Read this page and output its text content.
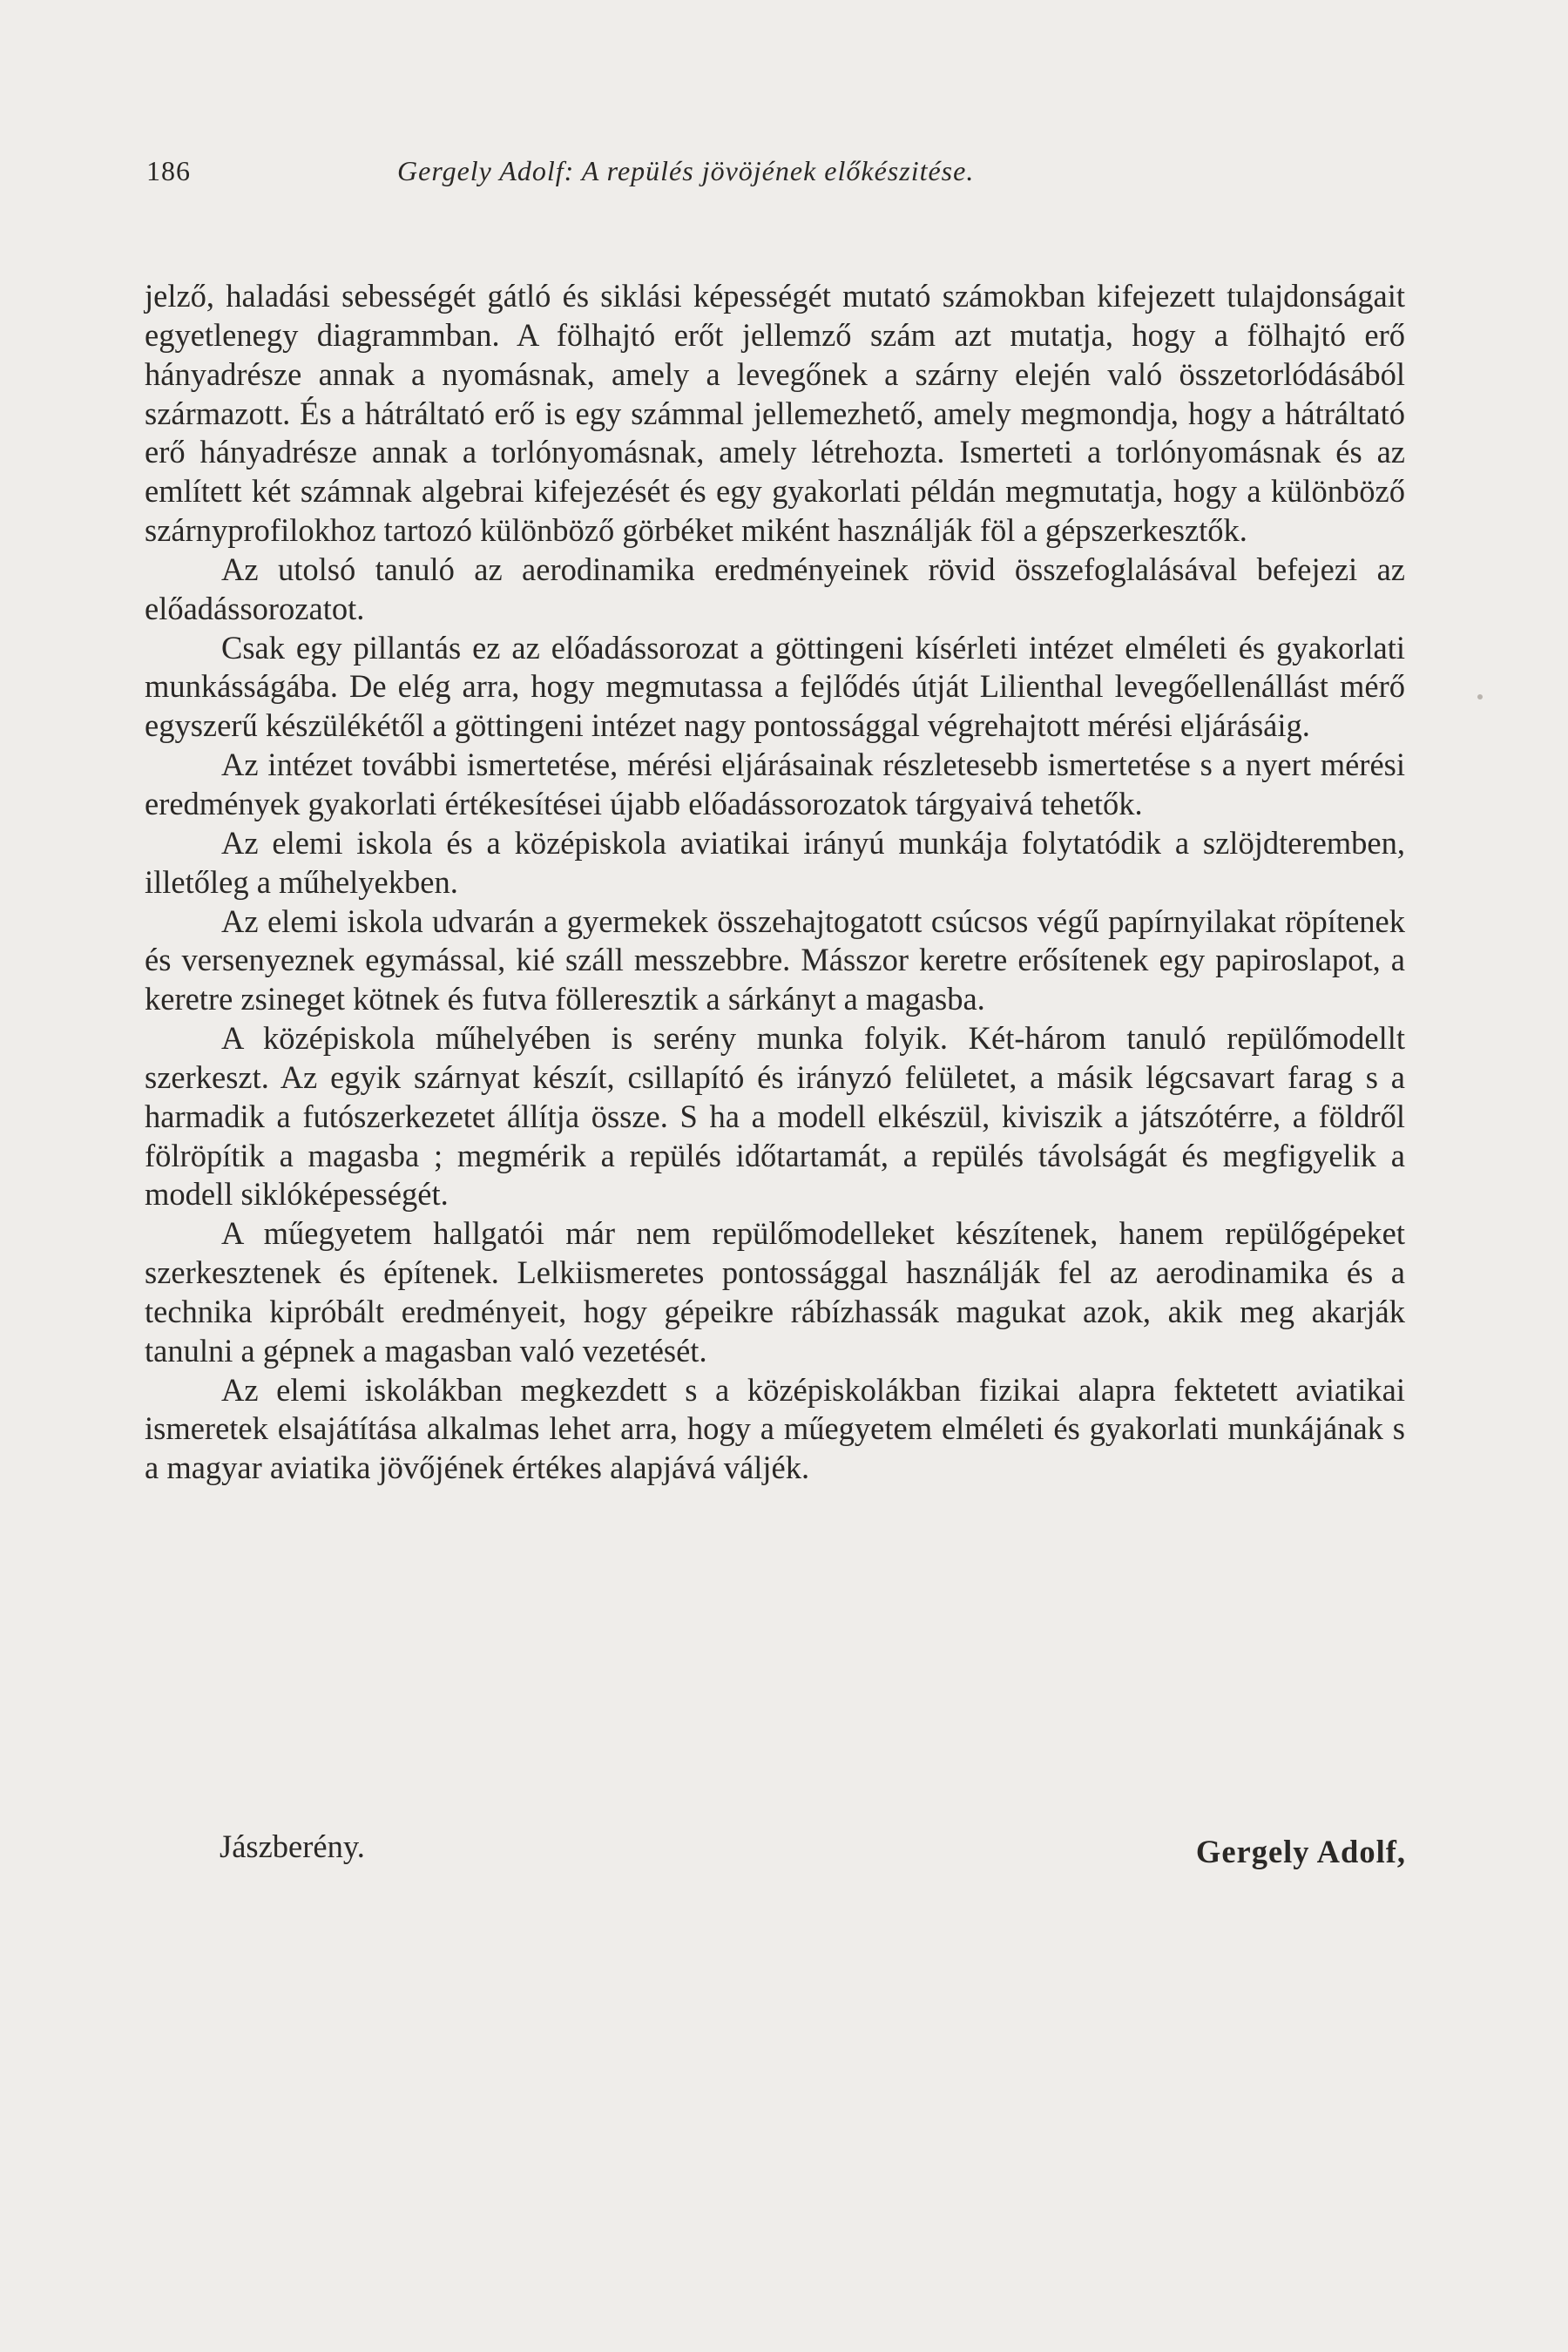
186	Gergely Adolf: A repülés jövöjének előkészitése.

jelző, haladási sebességét gátló és siklási képességét mutató számokban kifejezett tulajdonságait egyetlenegy diagrammban. A fölhajtó erőt jellemző szám azt mutatja, hogy a fölhajtó erő hányadrésze annak a nyomásnak, amely a levegőnek a szárny elején való összetorlódásából származott. És a hátráltató erő is egy számmal jellemezhető, amely megmondja, hogy a hátráltató erő hányadrésze annak a torlónyomásnak, amely létrehozta. Ismerteti a torlónyomásnak és az említett két számnak algebrai kifejezését és egy gyakorlati példán megmutatja, hogy a különböző szárnyprofilokhoz tartozó különböző görbéket miként használják föl a gépszerkesztők.

Az utolsó tanuló az aerodinamika eredményeinek rövid összefoglalásával befejezi az előadássorozatot.

Csak egy pillantás ez az előadássorozat a göttingeni kísérleti intézet elméleti és gyakorlati munkásságába. De elég arra, hogy megmutassa a fejlődés útját Lilienthal levegőellenállást mérő egyszerű készülékétől a göttingeni intézet nagy pontossággal végrehajtott mérési eljárásáig.

Az intézet további ismertetése, mérési eljárásainak részletesebb ismertetése s a nyert mérési eredmények gyakorlati értékesítései újabb előadássorozatok tárgyaivá tehetők.

Az elemi iskola és a középiskola aviatikai irányú munkája folytatódik a szlöjdteremben, illetőleg a műhelyekben.

Az elemi iskola udvarán a gyermekek összehajtogatott csúcsos végű papírnyilakat röpítenek és versenyeznek egymással, kié száll messzebbre. Másszor keretre erősítenek egy papiroslapot, a keretre zsineget kötnek és futva fölleresztik a sárkányt a magasba.

A középiskola műhelyében is serény munka folyik. Két-három tanuló repülőmodellt szerkeszt. Az egyik szárnyat készít, csillapító és irányzó felületet, a másik légcsavart farag s a harmadik a futószerkezetet állítja össze. S ha a modell elkészül, kiviszik a játszótérre, a földről fölröpítik a magasba ; megmérik a repülés időtartamát, a repülés távolságát és megfigyelik a modell siklóképességét.

A műegyetem hallgatói már nem repülőmodelleket készítenek, hanem repülőgépeket szerkesztenek és építenek. Lelkiismeretes pontossággal használják fel az aerodinamika és a technika kipróbált eredményeit, hogy gépeikre rábízhassák magukat azok, akik meg akarják tanulni a gépnek a magasban való vezetését.

Az elemi iskolákban megkezdett s a középiskolákban fizikai alapra fektetett aviatikai ismeretek elsajátítása alkalmas lehet arra, hogy a műegyetem elméleti és gyakorlati munkájának s a magyar aviatika jövőjének értékes alapjává váljék.

Jászberény.	Gergely Adolf,
